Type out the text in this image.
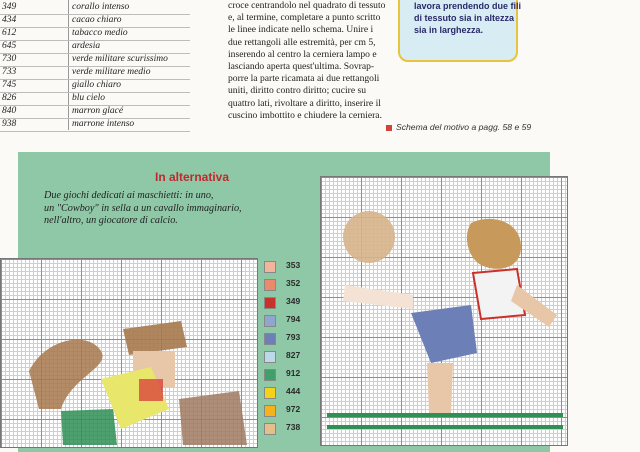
349	corallo intenso
434	cacao chiaro
612	tabacco medio
645	ardesia
730	verde militare scurissimo
733	verde militare medio
745	giallo chiaro
826	blu cielo
840	marron glacé
938	marrone intenso
croce centrandolo nel quadrato di tessuto
e, al termine, completare a punto scritto
le linee indicate nello schema. Unire i
due rettangoli alle estremità, per cm 5,
inserendo al centro la cerniera lampo e
lasciando aperta quest'ultima. Sovrap-
porre la parte ricamata ai due rettangoli
uniti, diritto contro diritto; cucire su
quattro lati, rivoltare a diritto, inserire il
cuscino imbottito e chiudere la cerniera.
lavora prendendo due fili
di tessuto sia in altezza
sia in larghezza.
Schema del motivo a pagg. 58 e 59
In alternativa
Due giochi dedicati ai maschietti: in uno,
un "Cowboy" in sella a un cavallo immaginario,
nell'altro, un giocatore di calcio.
353
352
349
794
793
827
912
444
972
738
